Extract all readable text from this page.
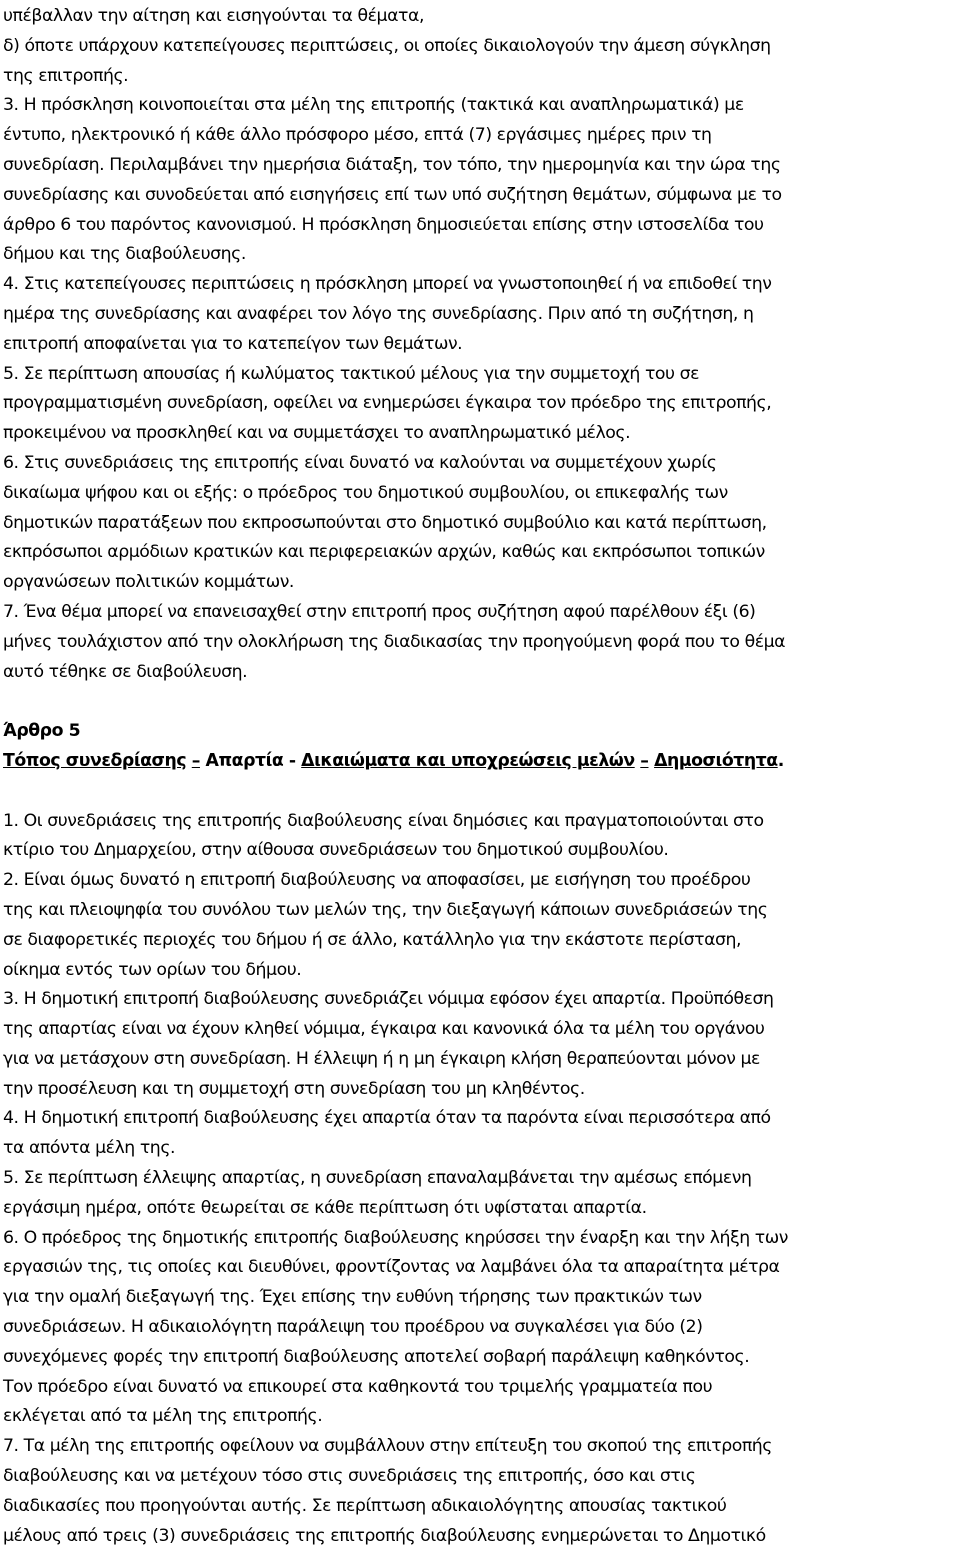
υπέβαλλαν την αίτηση και εισηγούνται τα θέματα,
δ) όποτε υπάρχουν κατεπείγουσες περιπτώσεις, οι οποίες δικαιολογούν την άμεση σύγκληση
της επιτροπής.
3. Η πρόσκληση κοινοποιείται στα μέλη της επιτροπής (τακτικά και αναπληρωματικά) με
έντυπο, ηλεκτρονικό ή κάθε άλλο πρόσφορο μέσο, επτά (7) εργάσιμες ημέρες πριν τη
συνεδρίαση. Περιλαμβάνει την ημερήσια διάταξη, τον τόπο, την ημερομηνία και την ώρα της
συνεδρίασης και συνοδεύεται από εισηγήσεις επί των υπό συζήτηση θεμάτων, σύμφωνα με το
άρθρο 6 του παρόντος κανονισμού. Η πρόσκληση δημοσιεύεται επίσης στην ιστοσελίδα του
δήμου και της διαβούλευσης.
4. Στις κατεπείγουσες περιπτώσεις η πρόσκληση μπορεί να γνωστοποιηθεί ή να επιδοθεί την
ημέρα της συνεδρίασης και αναφέρει τον λόγο της συνεδρίασης. Πριν από τη συζήτηση, η
επιτροπή αποφαίνεται για το κατεπείγον των θεμάτων.
5. Σε περίπτωση απουσίας ή κωλύματος τακτικού μέλους για την συμμετοχή του σε
προγραμματισμένη συνεδρίαση, οφείλει να ενημερώσει έγκαιρα τον πρόεδρο της επιτροπής,
προκειμένου να προσκληθεί και να συμμετάσχει το αναπληρωματικό μέλος.
6. Στις συνεδριάσεις της επιτροπής είναι δυνατό να καλούνται να συμμετέχουν χωρίς
δικαίωμα ψήφου και οι εξής: ο πρόεδρος του δημοτικού συμβουλίου, οι επικεφαλής των
δημοτικών παρατάξεων που εκπροσωπούνται στο δημοτικό συμβούλιο και κατά περίπτωση,
εκπρόσωποι αρμόδιων κρατικών και περιφερειακών αρχών, καθώς και εκπρόσωποι τοπικών
οργανώσεων πολιτικών κομμάτων.
7. Ένα θέμα μπορεί να επανεισαχθεί στην επιτροπή προς συζήτηση αφού παρέλθουν έξι (6)
μήνες τουλάχιστον από την ολοκλήρωση της διαδικασίας την προηγούμενη φορά που το θέμα
αυτό τέθηκε σε διαβούλευση.
Άρθρο 5
Τόπος συνεδρίασης – Απαρτία - Δικαιώματα και υποχρεώσεις μελών – Δημοσιότητα.
1. Οι συνεδριάσεις της επιτροπής διαβούλευσης είναι δημόσιες και πραγματοποιούνται στο
κτίριο του Δημαρχείου, στην αίθουσα συνεδριάσεων του δημοτικού συμβουλίου.
2. Είναι όμως δυνατό η επιτροπή διαβούλευσης να αποφασίσει, με εισήγηση του προέδρου
της και πλειοψηφία του συνόλου των μελών της, την διεξαγωγή κάποιων συνεδριάσεών της
σε διαφορετικές περιοχές του δήμου ή σε άλλο, κατάλληλο για την εκάστοτε περίσταση,
οίκημα εντός των ορίων του δήμου.
3. Η δημοτική επιτροπή διαβούλευσης συνεδριάζει νόμιμα εφόσον έχει απαρτία. Προϋπόθεση
της απαρτίας είναι να έχουν κληθεί νόμιμα, έγκαιρα και κανονικά όλα τα μέλη του οργάνου
για να μετάσχουν στη συνεδρίαση. Η έλλειψη ή η μη έγκαιρη κλήση θεραπεύονται μόνον με
την προσέλευση και τη συμμετοχή στη συνεδρίαση του μη κληθέντος.
4. Η δημοτική επιτροπή διαβούλευσης έχει απαρτία όταν τα παρόντα είναι περισσότερα από
τα απόντα μέλη της.
5. Σε περίπτωση έλλειψης απαρτίας, η συνεδρίαση επαναλαμβάνεται την αμέσως επόμενη
εργάσιμη ημέρα, οπότε θεωρείται σε κάθε περίπτωση ότι υφίσταται απαρτία.
6. Ο πρόεδρος της δημοτικής επιτροπής διαβούλευσης κηρύσσει την έναρξη και την λήξη των
εργασιών της, τις οποίες και διευθύνει, φροντίζοντας να λαμβάνει όλα τα απαραίτητα μέτρα
για την ομαλή διεξαγωγή της. Έχει επίσης την ευθύνη τήρησης των πρακτικών των
συνεδριάσεων. Η αδικαιολόγητη παράλειψη του προέδρου να συγκαλέσει για δύο (2)
συνεχόμενες φορές την επιτροπή διαβούλευσης αποτελεί σοβαρή παράλειψη καθηκόντος.
Τον πρόεδρο είναι δυνατό να επικουρεί στα καθηκοντά του τριμελής γραμματεία που
εκλέγεται από τα μέλη της επιτροπής.
7. Τα μέλη της επιτροπής οφείλουν να συμβάλλουν στην επίτευξη του σκοπού της επιτροπής
διαβούλευσης και να μετέχουν τόσο στις συνεδριάσεις της επιτροπής, όσο και στις
διαδικασίες που προηγούνται αυτής. Σε περίπτωση αδικαιολόγητης απουσίας τακτικού
μέλους από τρεις (3) συνεδριάσεις της επιτροπής διαβούλευσης ενημερώνεται το Δημοτικό
